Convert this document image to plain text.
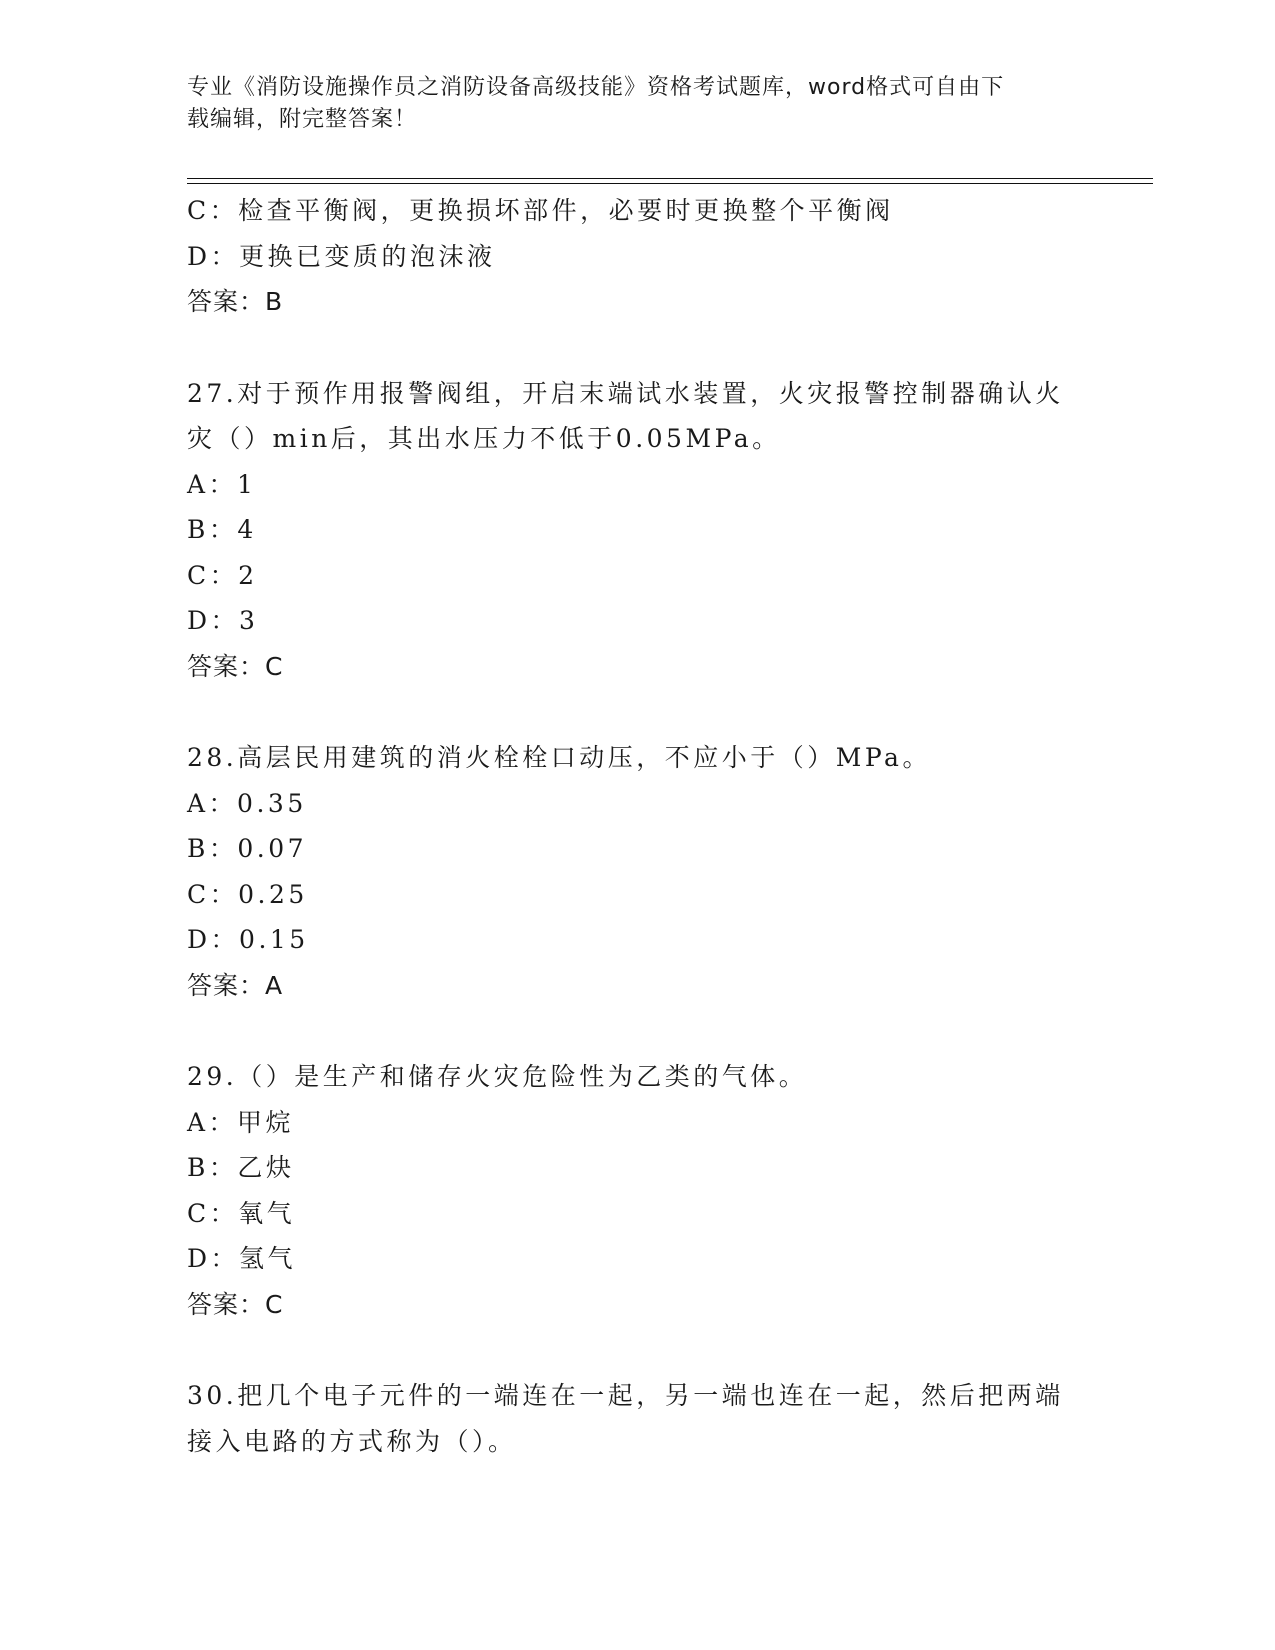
专业《消防设施操作员之消防设备高级技能》资格考试题库，word格式可自由下
载编辑，附完整答案！
C：检查平衡阀，更换损坏部件，必要时更换整个平衡阀
D：更换已变质的泡沫液
答案：B
27.对于预作用报警阀组，开启末端试水装置，火灾报警控制器确认火
灾（）min后，其出水压力不低于0.05MPa。
A：1
B：4
C：2
D：3
答案：C
28.高层民用建筑的消火栓栓口动压，不应小于（）MPa。
A：0.35
B：0.07
C：0.25
D：0.15
答案：A
29.（）是生产和储存火灾危险性为乙类的气体。
A：甲烷
B：乙炔
C：氧气
D：氢气
答案：C
30.把几个电子元件的一端连在一起，另一端也连在一起，然后把两端
接入电路的方式称为（）。
